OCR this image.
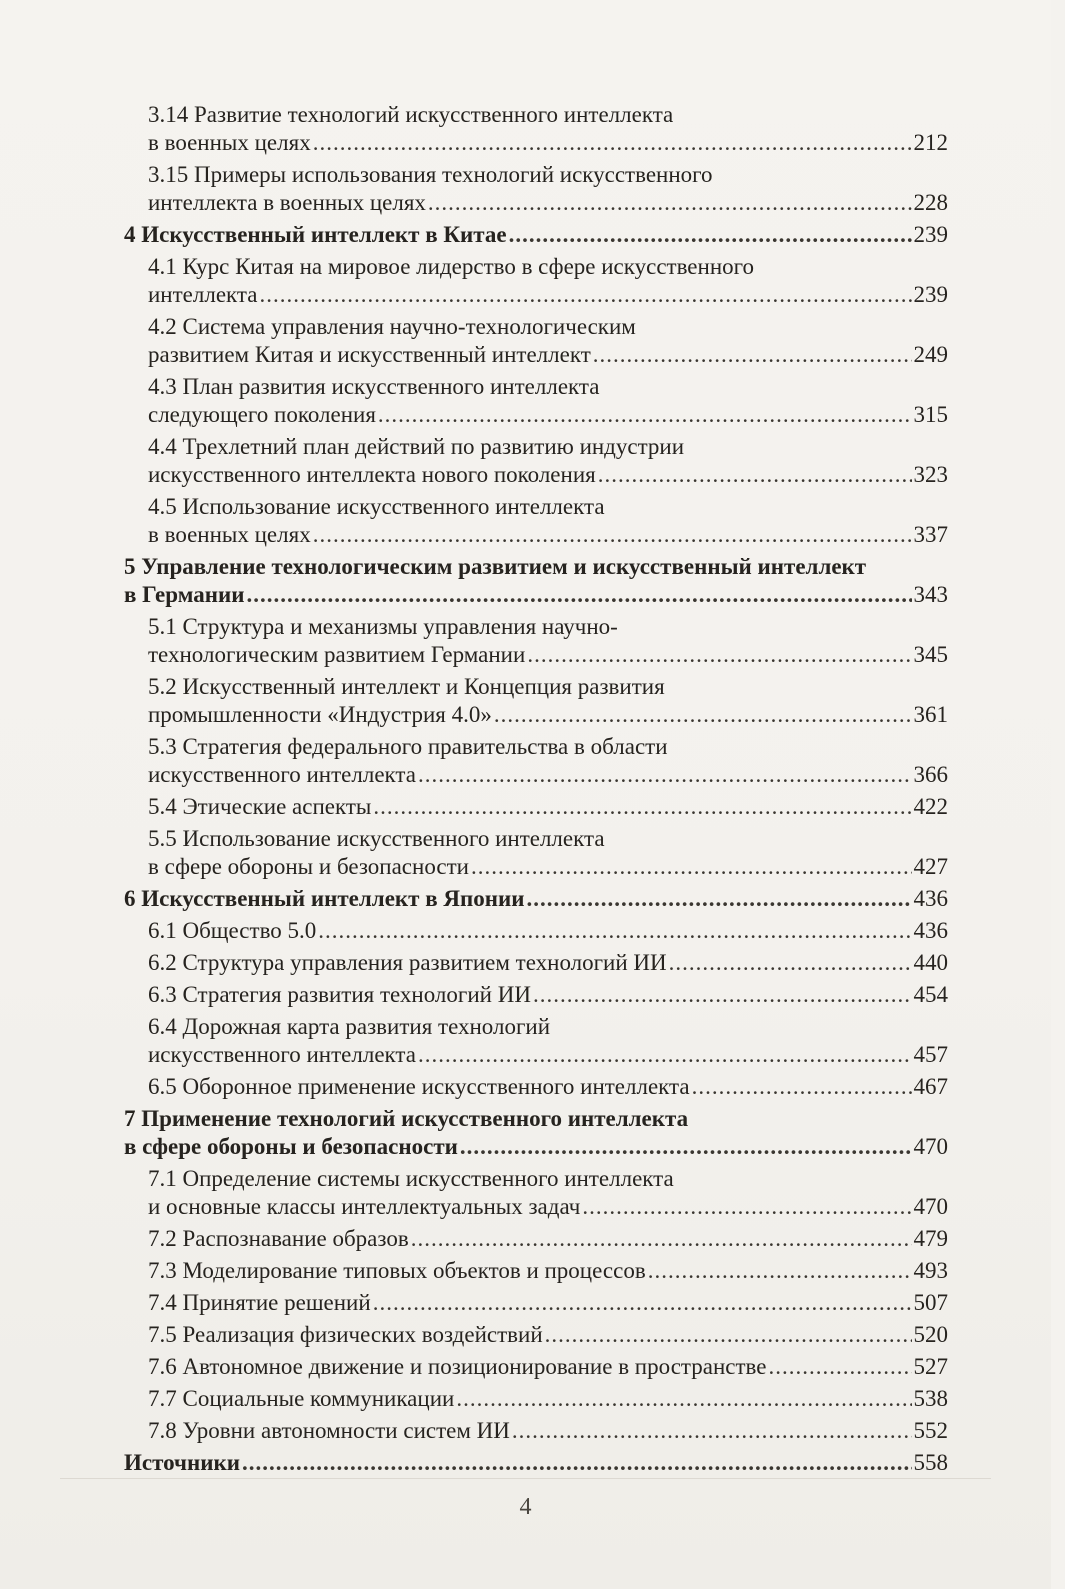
3.14 Развитие технологий искусственного интеллекта
в военных целях .....	212
3.15 Примеры использования технологий искусственного
интеллекта в военных целях .....	228
4 Искусственный интеллект в Китае .....	239
4.1 Курс Китая на мировое лидерство в сфере искусственного
интеллекта .....	239
4.2 Система управления научно-технологическим
развитием Китая и искусственный интеллект .....	249
4.3 План развития искусственного интеллекта
следующего поколения .....	315
4.4 Трехлетний план действий по развитию индустрии
искусственного интеллекта нового поколения .....	323
4.5 Использование искусственного интеллекта
в военных целях .....	337
5 Управление технологическим развитием и искусственный интеллект
в Германии .....	343
5.1 Структура и механизмы управления научно-
технологическим развитием Германии .....	345
5.2 Искусственный интеллект и Концепция развития
промышленности «Индустрия 4.0» .....	361
5.3 Стратегия федерального правительства в области
искусственного интеллекта .....	366
5.4 Этические аспекты .....	422
5.5 Использование искусственного интеллекта
в сфере обороны и безопасности .....	427
6 Искусственный интеллект в Японии .....	436
6.1 Общество 5.0 .....	436
6.2 Структура управления развитием технологий ИИ .....	440
6.3 Стратегия развития технологий ИИ .....	454
6.4 Дорожная карта развития технологий
искусственного интеллекта .....	457
6.5 Оборонное применение искусственного интеллекта .....	467
7 Применение технологий искусственного интеллекта
в сфере обороны и безопасности .....	470
7.1 Определение системы искусственного интеллекта
и основные классы интеллектуальных задач .....	470
7.2 Распознавание образов .....	479
7.3 Моделирование типовых объектов и процессов .....	493
7.4 Принятие решений .....	507
7.5 Реализация физических воздействий .....	520
7.6 Автономное движение и позиционирование в пространстве .....	527
7.7 Социальные коммуникации .....	538
7.8 Уровни автономности систем ИИ .....	552
Источники .....	558
4
